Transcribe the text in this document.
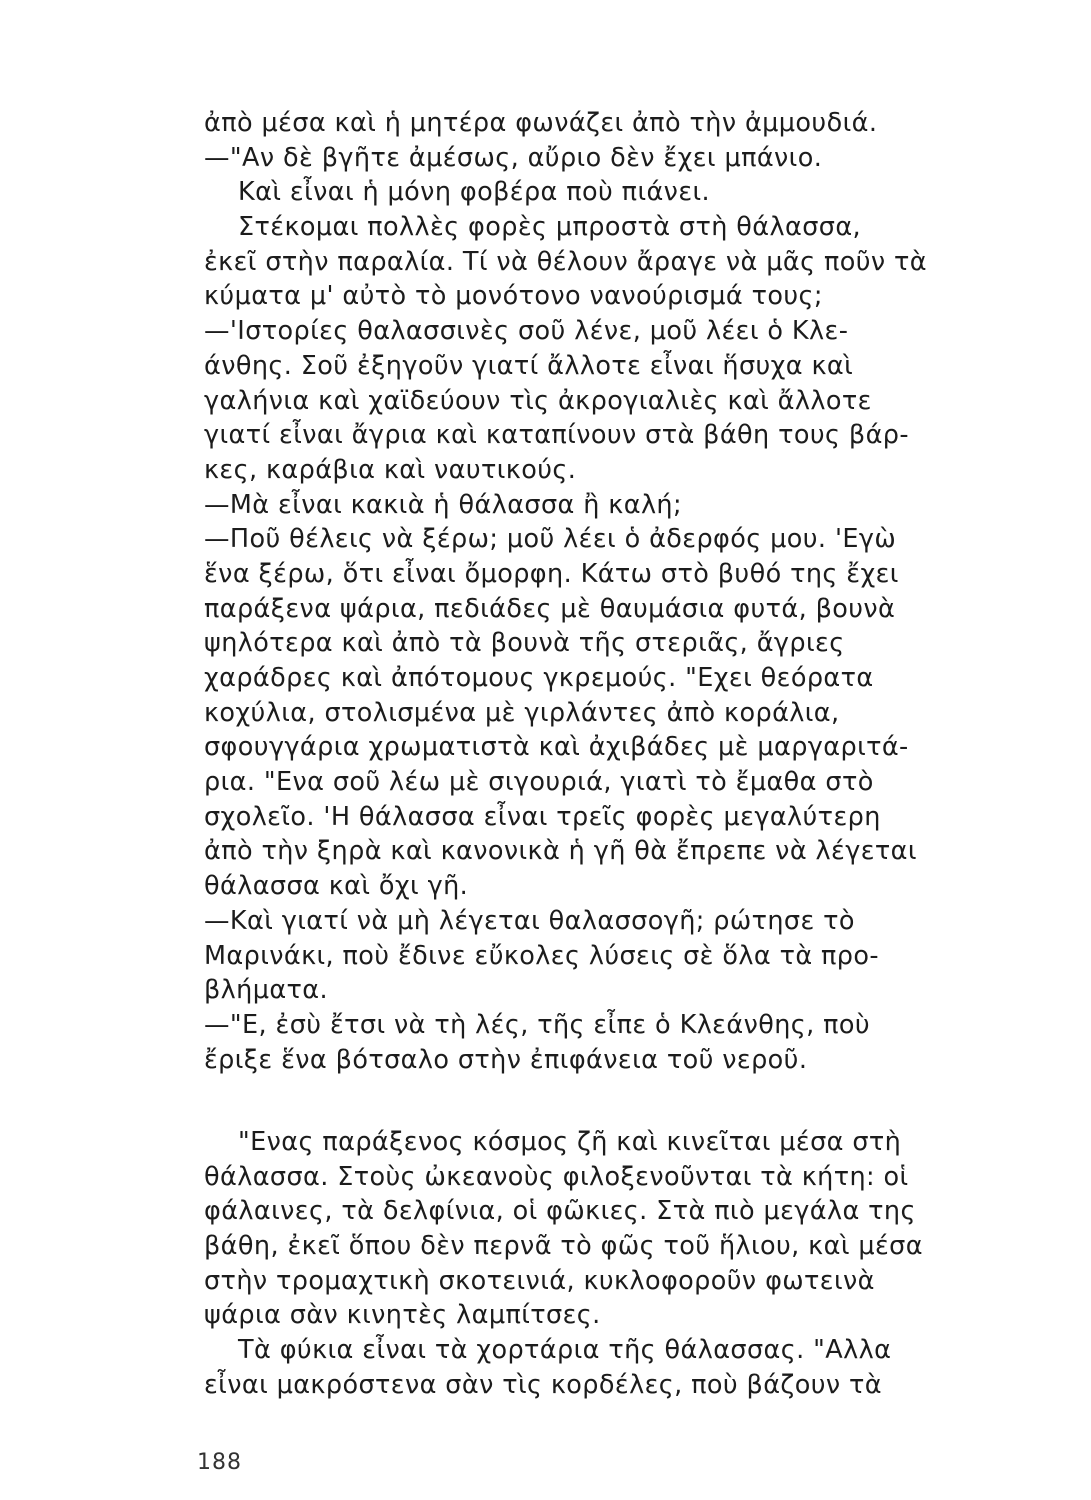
ἀπὸ μέσα καὶ ἡ μητέρα φωνάζει ἀπὸ τὴν ἀμμουδιά.
—"Αν δὲ βγῆτε ἀμέσως, αὔριο δὲν ἔχει μπάνιο.
Καὶ εἶναι ἡ μόνη φοβέρα ποὺ πιάνει.
Στέκομαι πολλὲς φορὲς μπροστὰ στὴ θάλασσα,
ἐκεῖ στὴν παραλία. Τί νὰ θέλουν ἄραγε νὰ μᾶς ποῦν τὰ
κύματα μ' αὐτὸ τὸ μονότονο νανούρισμά τους;
—'Ιστορίες θαλασσινὲς σοῦ λένε, μοῦ λέει ὁ Κλε-
άνθης. Σοῦ ἐξηγοῦν γιατί ἄλλοτε εἶναι ἥσυχα καὶ
γαλήνια καὶ χαϊδεύουν τὶς ἀκρογιαλιὲς καὶ ἄλλοτε
γιατί εἶναι ἄγρια καὶ καταπίνουν στὰ βάθη τους βάρ-
κες, καράβια καὶ ναυτικούς.
—Μὰ εἶναι κακιὰ ἡ θάλασσα ἢ καλή;
—Ποῦ θέλεις νὰ ξέρω; μοῦ λέει ὁ ἀδερφός μου. 'Εγὼ
ἕνα ξέρω, ὅτι εἶναι ὄμορφη. Κάτω στὸ βυθό της ἔχει
παράξενα ψάρια, πεδιάδες μὲ θαυμάσια φυτά, βουνὰ
ψηλότερα καὶ ἀπὸ τὰ βουνὰ τῆς στεριᾶς, ἄγριες
χαράδρες καὶ ἀπότομους γκρεμούς. "Εχει θεόρατα
κοχύλια, στολισμένα μὲ γιρλάντες ἀπὸ κοράλια,
σφουγγάρια χρωματιστὰ καὶ ἀχιβάδες μὲ μαργαριτά-
ρια. "Ενα σοῦ λέω μὲ σιγουριά, γιατὶ τὸ ἔμαθα στὸ
σχολεῖο. 'Η θάλασσα εἶναι τρεῖς φορὲς μεγαλύτερη
ἀπὸ τὴν ξηρὰ καὶ κανονικὰ ἡ γῆ θὰ ἔπρεπε νὰ λέγεται
θάλασσα καὶ ὄχι γῆ.
—Καὶ γιατί νὰ μὴ λέγεται θαλασσογῆ; ρώτησε τὸ
Μαρινάκι, ποὺ ἔδινε εὔκολες λύσεις σὲ ὅλα τὰ προ-
βλήματα.
—"Ε, ἐσὺ ἔτσι νὰ τὴ λές, τῆς εἶπε ὁ Κλεάνθης, ποὺ
ἔριξε ἕνα βότσαλο στὴν ἐπιφάνεια τοῦ νεροῦ.
"Ενας παράξενος κόσμος ζῆ καὶ κινεῖται μέσα στὴ
θάλασσα. Στοὺς ὠκεανοὺς φιλοξενοῦνται τὰ κήτη: οἱ
φάλαινες, τὰ δελφίνια, οἱ φῶκιες. Στὰ πιὸ μεγάλα της
βάθη, ἐκεῖ ὅπου δὲν περνᾶ τὸ φῶς τοῦ ἥλιου, καὶ μέσα
στὴν τρομαχτικὴ σκοτεινιά, κυκλοφοροῦν φωτεινὰ
ψάρια σὰν κινητὲς λαμπίτσες.
Τὰ φύκια εἶναι τὰ χορτάρια τῆς θάλασσας. "Αλλα
εἶναι μακρόστενα σὰν τὶς κορδέλες, ποὺ βάζουν τὰ
188
